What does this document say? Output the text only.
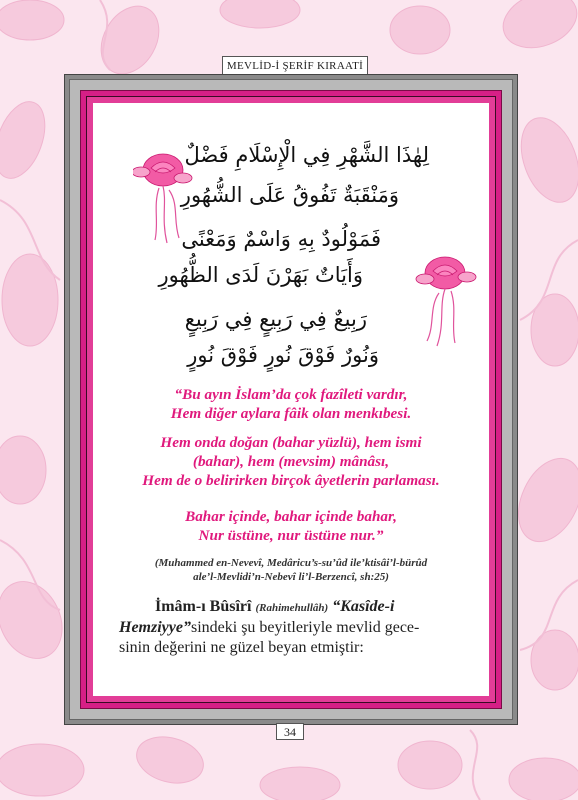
MEVLİD-İ ŞERİF KIRAATİ
لِهٰذَا الشَّهْرِ فِي الْإِسْلَامِ فَضْلٌ
وَمَنْقَبَةٌ تَفُوقُ عَلَى الشُّهُورِ
فَمَوْلُودٌ بِهِ وَاسْمٌ وَمَعْنًى
وَأَيَاتٌ بَهَرْنَ لَدَى الظُّهُورِ
رَبِيعٌ فِي رَبِيعٍ فِي رَبِيعٍ
وَنُورٌ فَوْقَ نُورٍ فَوْقَ نُورٍ
“Bu ayın İslam’da çok fazîleti vardır,
Hem diğer aylara fâik olan menkıbesi.
Hem onda doğan (bahar yüzlü), hem ismi
(bahar), hem (mevsim) mânâsı,
Hem de o belirirken birçok âyetlerin parlaması.
Bahar içinde, bahar içinde bahar,
Nur üstüne, nur üstüne nur.”
(Muhammed en-Nevevî, Medâricu’s-su’ûd ile’ktisâi’l-bürûd
ale’l-Mevlidi’n-Nebevî li’l-Berzencî, sh:25)
İmâm-ı Bûsîrî (Rahimehullâh) “Kasîde-i
Hemziyye”sindeki şu beyitleriyle mevlid gece-
sinin değerini ne güzel beyan etmiştir:
34
